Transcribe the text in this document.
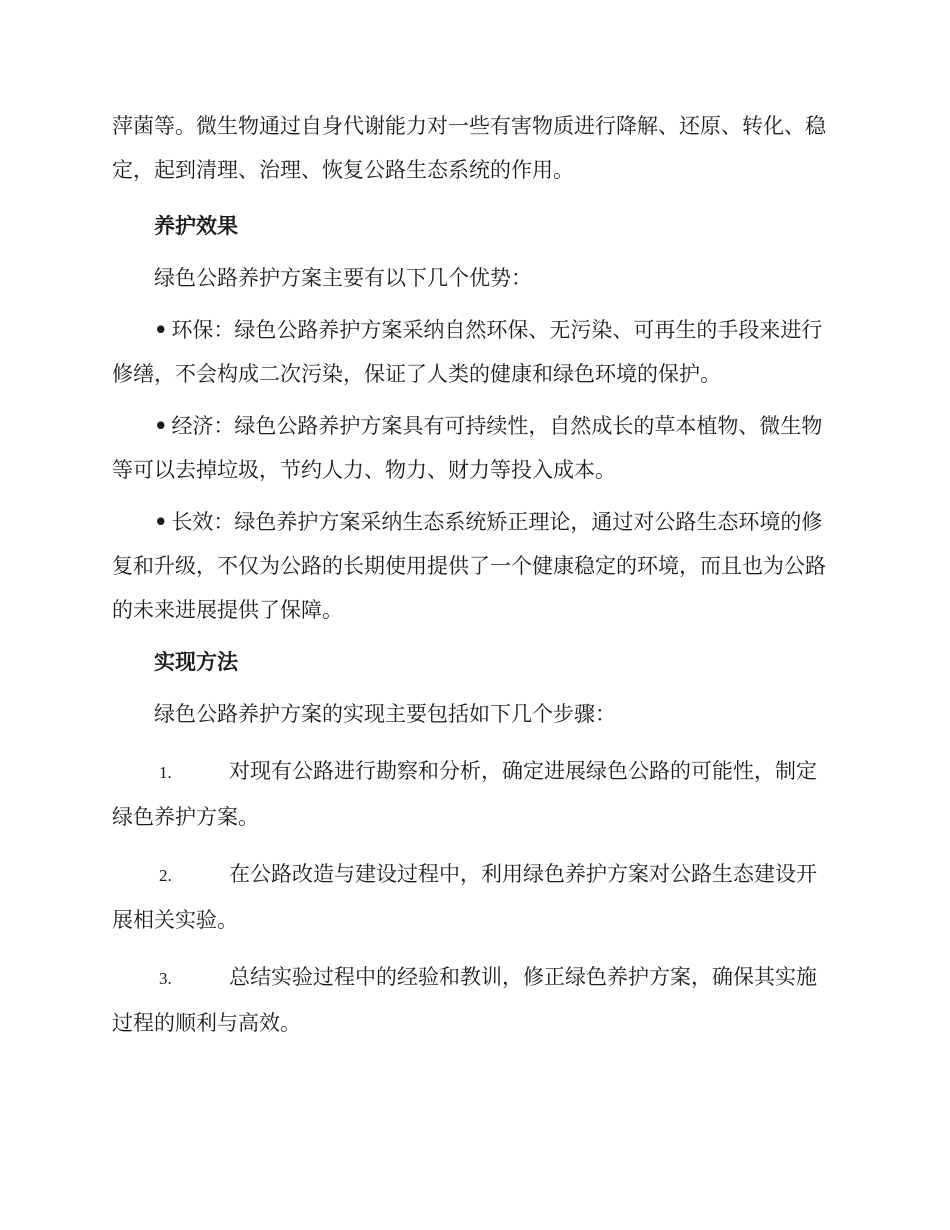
萍菌等。微生物通过自身代谢能力对一些有害物质进行降解、还原、转化、稳定，起到清理、治理、恢复公路生态系统的作用。

养护效果

绿色公路养护方案主要有以下几个优势：

• 环保：绿色公路养护方案采纳自然环保、无污染、可再生的手段来进行修缮，不会构成二次污染，保证了人类的健康和绿色环境的保护。

• 经济：绿色公路养护方案具有可持续性，自然成长的草本植物、微生物等可以去掉垃圾，节约人力、物力、财力等投入成本。

• 长效：绿色养护方案采纳生态系统矫正理论，通过对公路生态环境的修复和升级，不仅为公路的长期使用提供了一个健康稳定的环境，而且也为公路的未来进展提供了保障。

实现方法

绿色公路养护方案的实现主要包括如下几个步骤：

1.	对现有公路进行勘察和分析，确定进展绿色公路的可能性，制定绿色养护方案。

2.	在公路改造与建设过程中，利用绿色养护方案对公路生态建设开展相关实验。

3.	总结实验过程中的经验和教训，修正绿色养护方案，确保其实施过程的顺利与高效。
